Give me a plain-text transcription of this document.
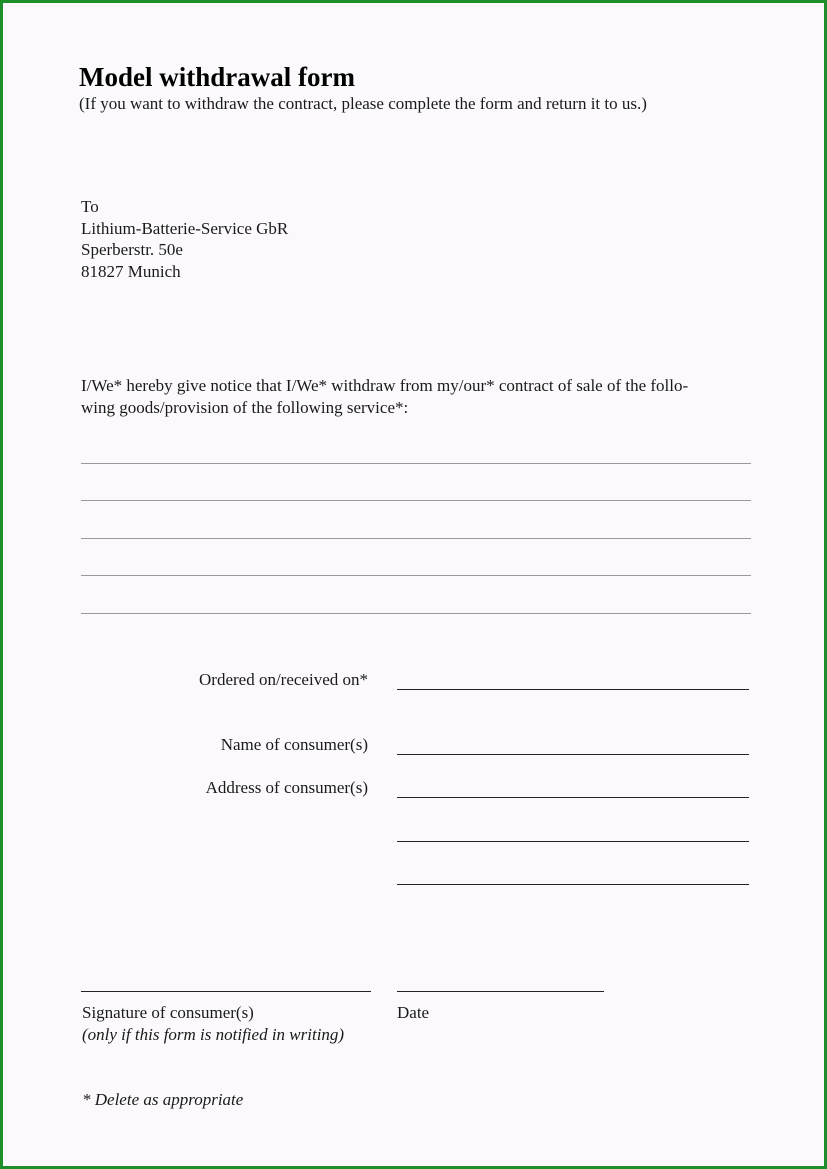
Model withdrawal form
(If you want to withdraw the contract, please complete the form and return it to us.)
To
Lithium-Batterie-Service GbR
Sperberstr. 50e
81827 Munich
I/We* hereby give notice that I/We* withdraw from my/our* contract of sale of the follo-
wing goods/provision of the following service*:
Ordered on/received on*
Name of consumer(s)
Address of consumer(s)
Signature of consumer(s)
(only if this form is notified in writing)
Date
* Delete as appropriate
